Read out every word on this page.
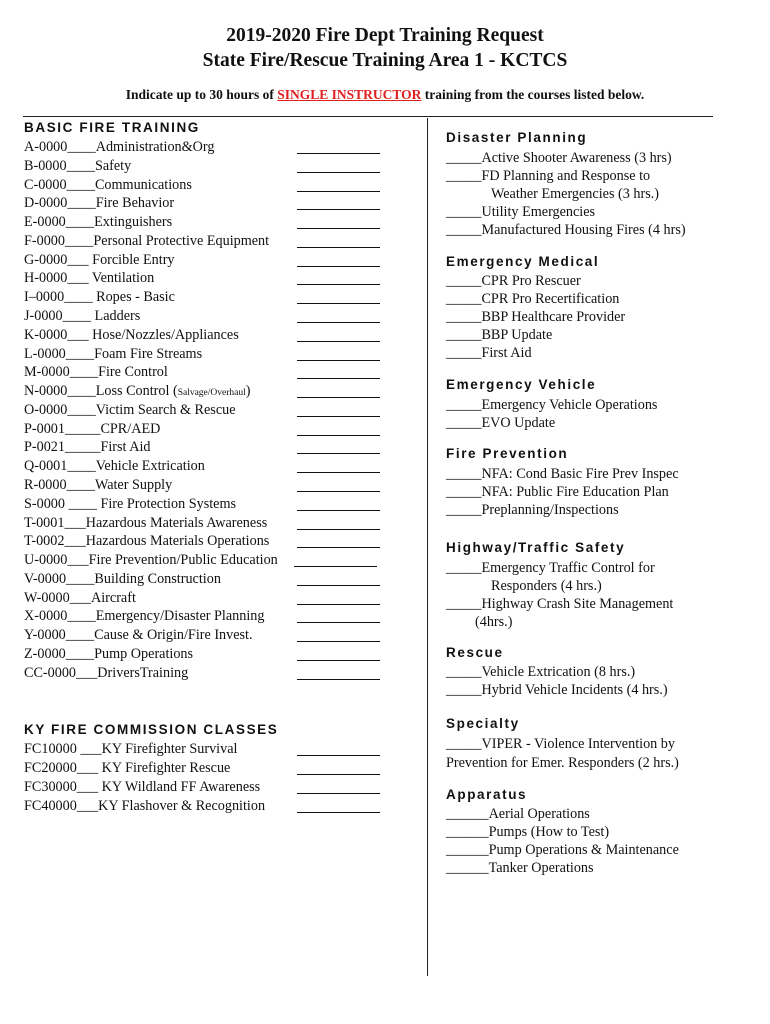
2019-2020 Fire Dept Training Request
State Fire/Rescue Training Area 1 - KCTCS
Indicate up to 30 hours of SINGLE INSTRUCTOR training from the courses listed below.
BASIC FIRE TRAINING
A-0000____Administration&Org
B-0000____Safety
C-0000____Communications
D-0000____Fire Behavior
E-0000____Extinguishers
F-0000____Personal Protective Equipment
G-0000___ Forcible Entry
H-0000___ Ventilation
I–0000____ Ropes - Basic
J-0000____ Ladders
K-0000___ Hose/Nozzles/Appliances
L-0000____Foam Fire Streams
M-0000____Fire Control
N-0000____Loss Control (Salvage/Overhaul)
O-0000____Victim Search & Rescue
P-0001_____CPR/AED
P-0021_____First Aid
Q-0001____Vehicle Extrication
R-0000____Water Supply
S-0000 ____ Fire Protection Systems
T-0001___Hazardous Materials Awareness
T-0002___Hazardous Materials Operations
U-0000___Fire Prevention/Public Education
V-0000____Building Construction
W-0000___Aircraft
X-0000____Emergency/Disaster Planning
Y-0000____Cause & Origin/Fire Invest.
Z-0000____Pump Operations
CC-0000___DriversTraining
KY FIRE COMMISSION CLASSES
FC10000 ___KY Firefighter Survival
FC20000___ KY Firefighter Rescue
FC30000___ KY Wildland FF Awareness
FC40000___KY Flashover & Recognition
Disaster Planning
_____Active Shooter Awareness (3 hrs)
_____FD Planning and Response to
Weather Emergencies (3 hrs.)
_____Utility Emergencies
_____Manufactured Housing Fires (4 hrs)
Emergency Medical
_____CPR Pro Rescuer
_____CPR Pro Recertification
_____BBP Healthcare Provider
_____BBP Update
_____First Aid
Emergency Vehicle
_____Emergency Vehicle Operations
_____EVO Update
Fire Prevention
_____NFA: Cond Basic Fire Prev Inspec
_____NFA: Public Fire Education Plan
_____Preplanning/Inspections
Highway/Traffic Safety
_____Emergency Traffic Control for
Responders (4 hrs.)
_____Highway Crash Site Management
(4hrs.)
Rescue
_____Vehicle Extrication (8 hrs.)
_____Hybrid Vehicle Incidents (4 hrs.)
Specialty
_____VIPER - Violence Intervention by
Prevention for Emer. Responders (2 hrs.)
Apparatus
______Aerial Operations
______Pumps (How to Test)
______Pump Operations & Maintenance
______Tanker Operations
